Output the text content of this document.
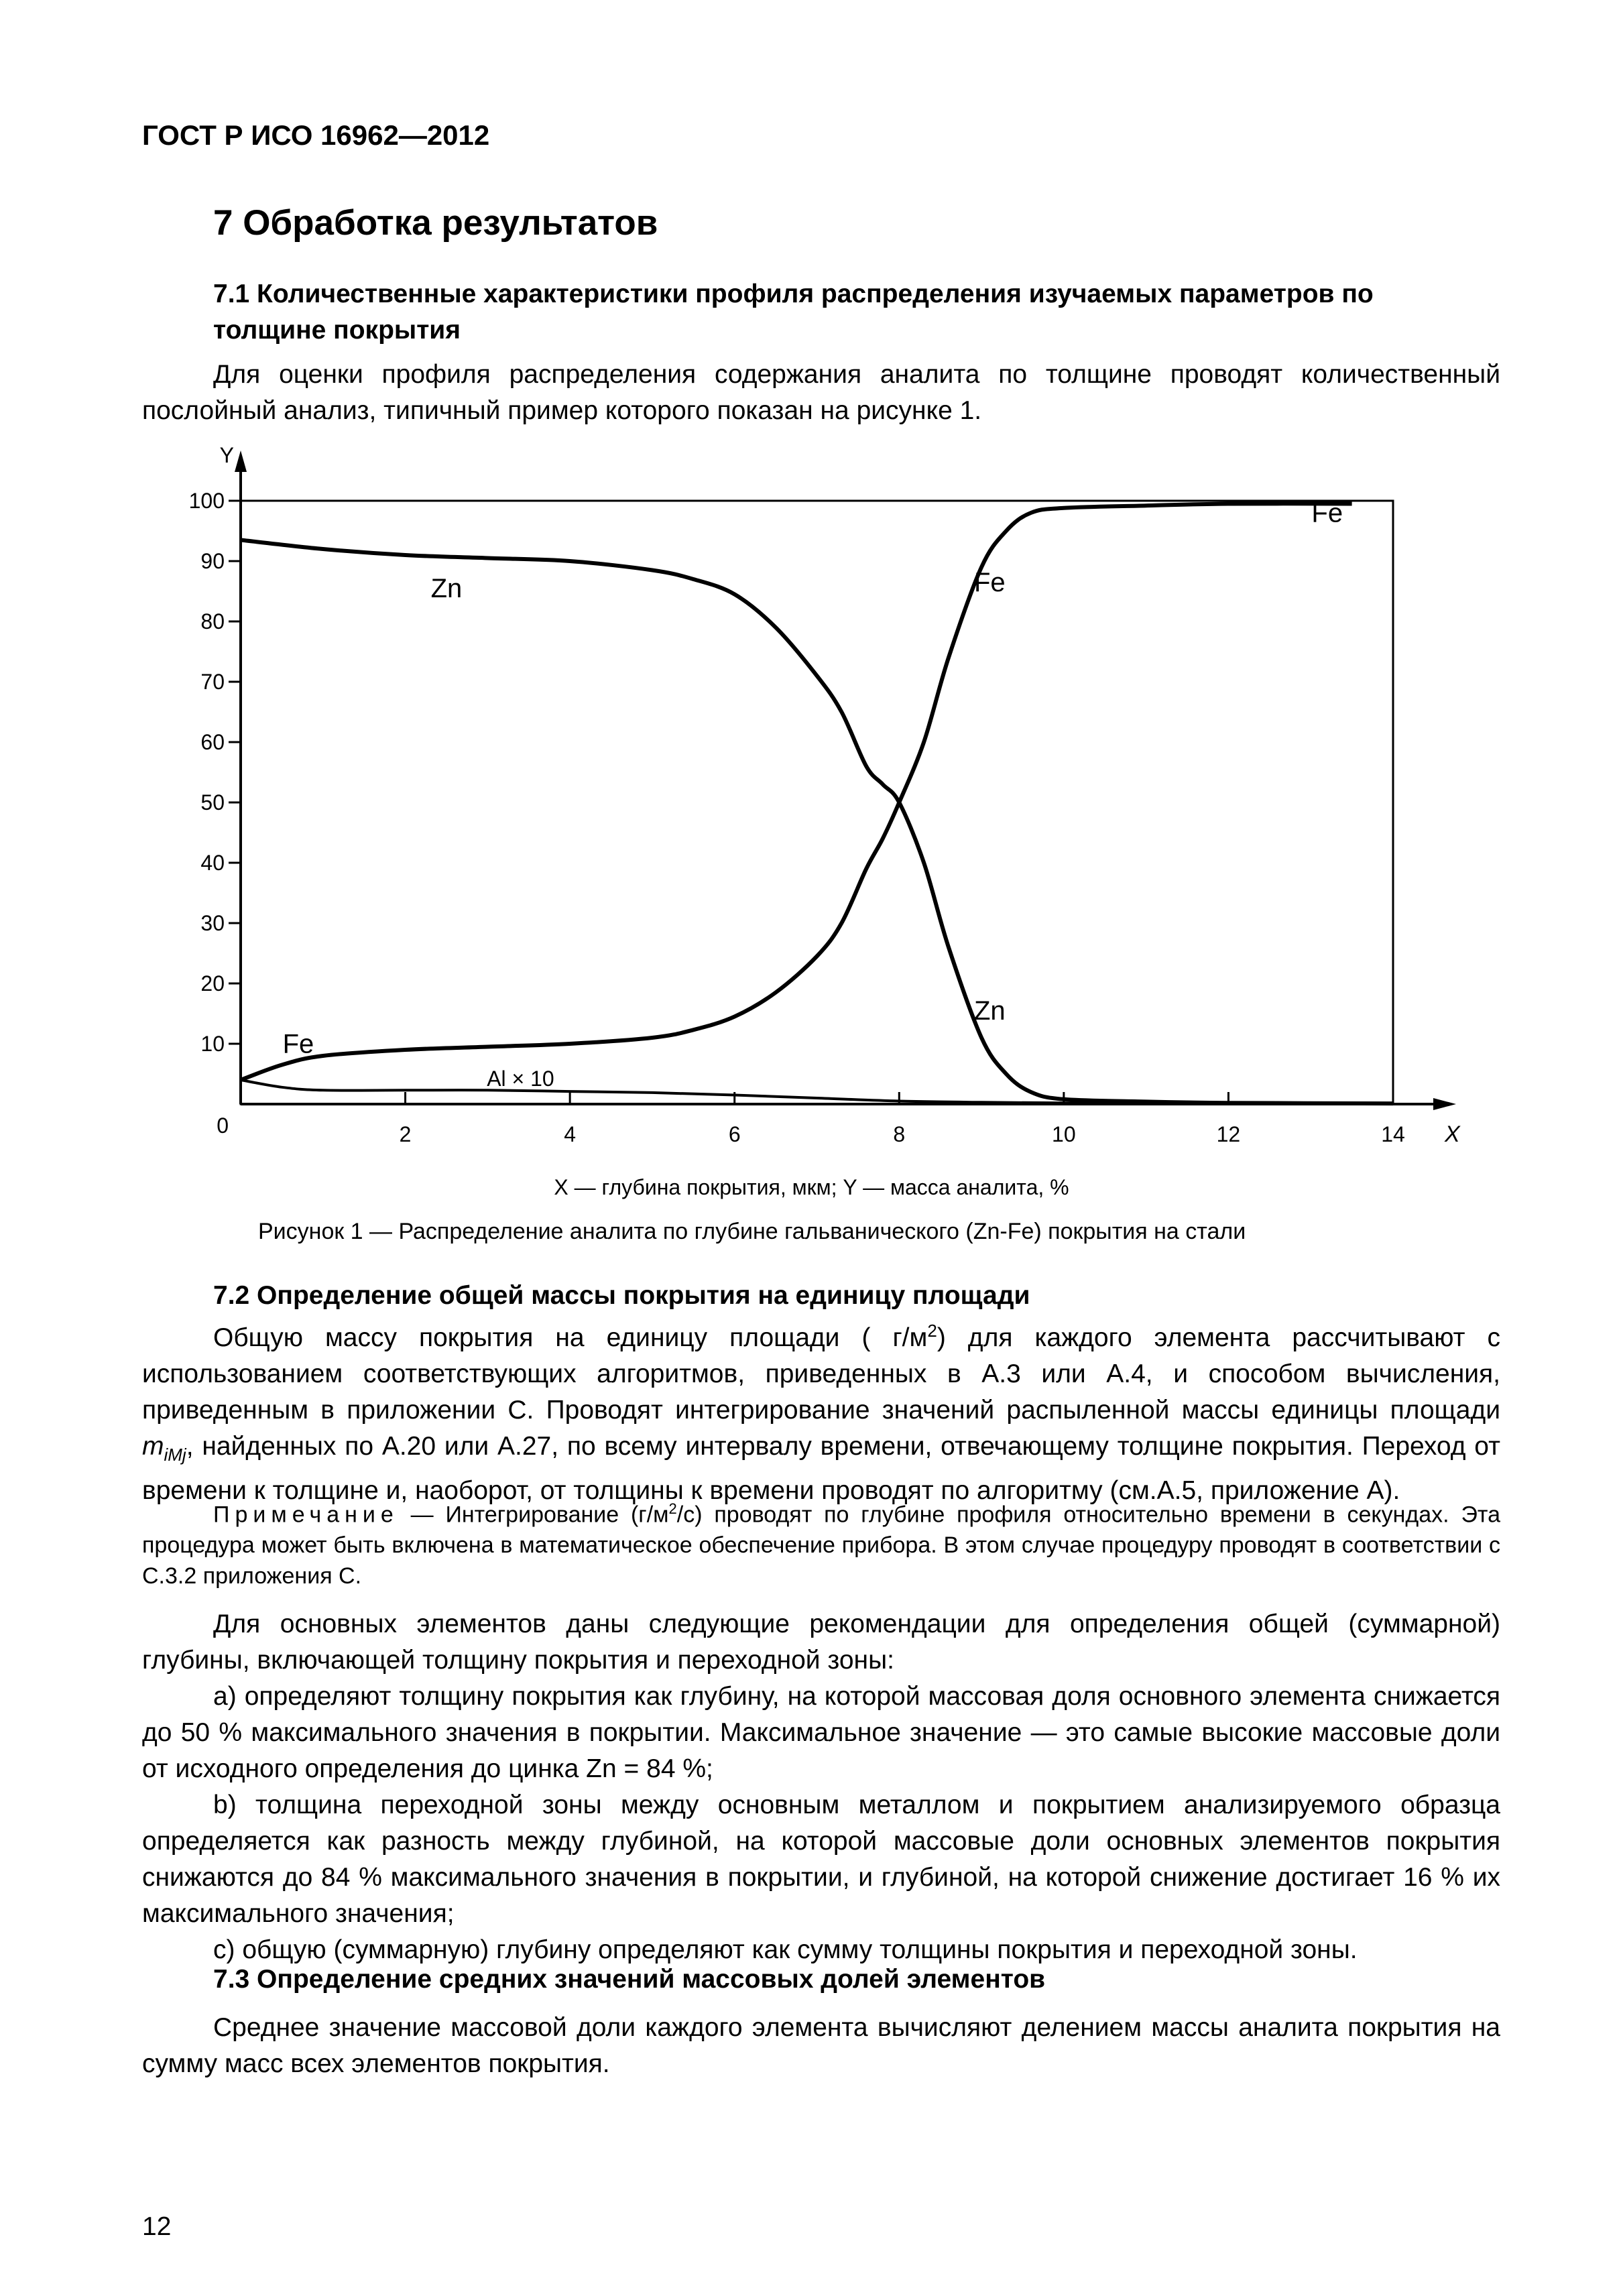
ГОСТ Р ИСО 16962—2012
7 Обработка результатов
7.1 Количественные характеристики профиля распределения изучаемых параметров по толщине покрытия

Для оценки профиля распределения содержания аналита по толщине проводят количественный послойный анализ, типичный пример которого показан на рисунке 1.

10
20
30
40
50
60
70
80
90
100
0	2	4	6	8	10	12	14
Y
X
Zn	Fe
Fe
Zn
Fe
Al × 10
X — глубина покрытия, мкм; Y — масса аналита, %
Рисунок 1 — Распределение аналита по глубине гальванического (Zn-Fe) покрытия на стали
7.2 Определение общей массы покрытия на единицу площади

Общую массу покрытия на единицу площади ( $г/м^2$) для каждого элемента рассчитывают с использованием соответствующих алгоритмов, приведенных в А.3 или А.4, и способом вычисления, приведенным в приложении С. Проводят интегрирование значений распыленной массы единицы площади $m_{iMj}$, найденных по А.20 или А.27, по всему интервалу времени, отвечающему толщине покрытия. Переход от времени к толщине и, наоборот, от толщины к времени проводят по алгоритму (см.А.5, приложение А).

Примечание — Интегрирование $(г/м^2/с)$ проводят по глубине профиля относительно времени в секундах. Эта процедура может быть включена в математическое обеспечение прибора. В этом случае процедуру проводят в соответствии с С.3.2 приложения С.

Для основных элементов даны следующие рекомендации для определения общей (суммарной) глубины, включающей толщину покрытия и переходной зоны:

a) определяют толщину покрытия как глубину, на которой массовая доля основного элемента снижается до 50 % максимального значения в покрытии. Максимальное значение — это самые высокие массовые доли от исходного определения до цинка Zn = 84 %;

b) толщина переходной зоны между основным металлом и покрытием анализируемого образца определяется как разность между глубиной, на которой массовые доли основных элементов покрытия снижаются до 84 % максимального значения в покрытии, и глубиной, на которой снижение достигает 16 % их максимального значения;

c) общую (суммарную) глубину определяют как сумму толщины покрытия и переходной зоны.

7.3 Определение средних значений массовых долей элементов

Среднее значение массовой доли каждого элемента вычисляют делением массы аналита покрытия на сумму масс всех элементов покрытия.

12
